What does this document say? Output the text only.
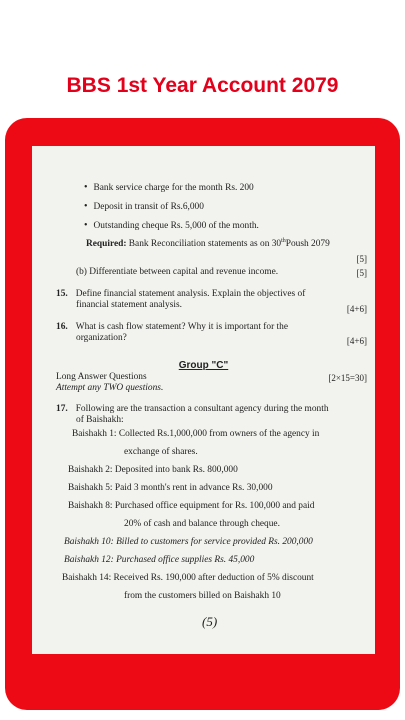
BBS 1st Year Account 2079
• Bank service charge for the month Rs. 200
• Deposit in transit of Rs.6,000
• Outstanding cheque Rs. 5,000 of the month.
Required: Bank Reconciliation statements as on 30thPoush 2079
[5]
(b) Differentiate between capital and revenue income.	[5]
15. Define financial statement analysis. Explain the objectives of
financial statement analysis.	[4+6]
16. What is cash flow statement? Why it is important for the
organization?	[4+6]
Group "C"
Long Answer Questions	[2×15=30]
Attempt any TWO questions.
17. Following are the transaction a consultant agency during the month
of Baishakh:
Baishakh 1: Collected Rs.1,000,000 from owners of the agency in
exchange of shares.
Baishakh 2: Deposited into bank Rs. 800,000
Baishakh 5: Paid 3 month's rent in advance Rs. 30,000
Baishakh 8: Purchased office equipment for Rs. 100,000 and paid
20% of cash and balance through cheque.
Baishakh 10: Billed to customers for service provided Rs. 200,000
Baishakh 12: Purchased office supplies Rs. 45,000
Baishakh 14: Received Rs. 190,000 after deduction of 5% discount
from the customers billed on Baishakh 10
(5)
